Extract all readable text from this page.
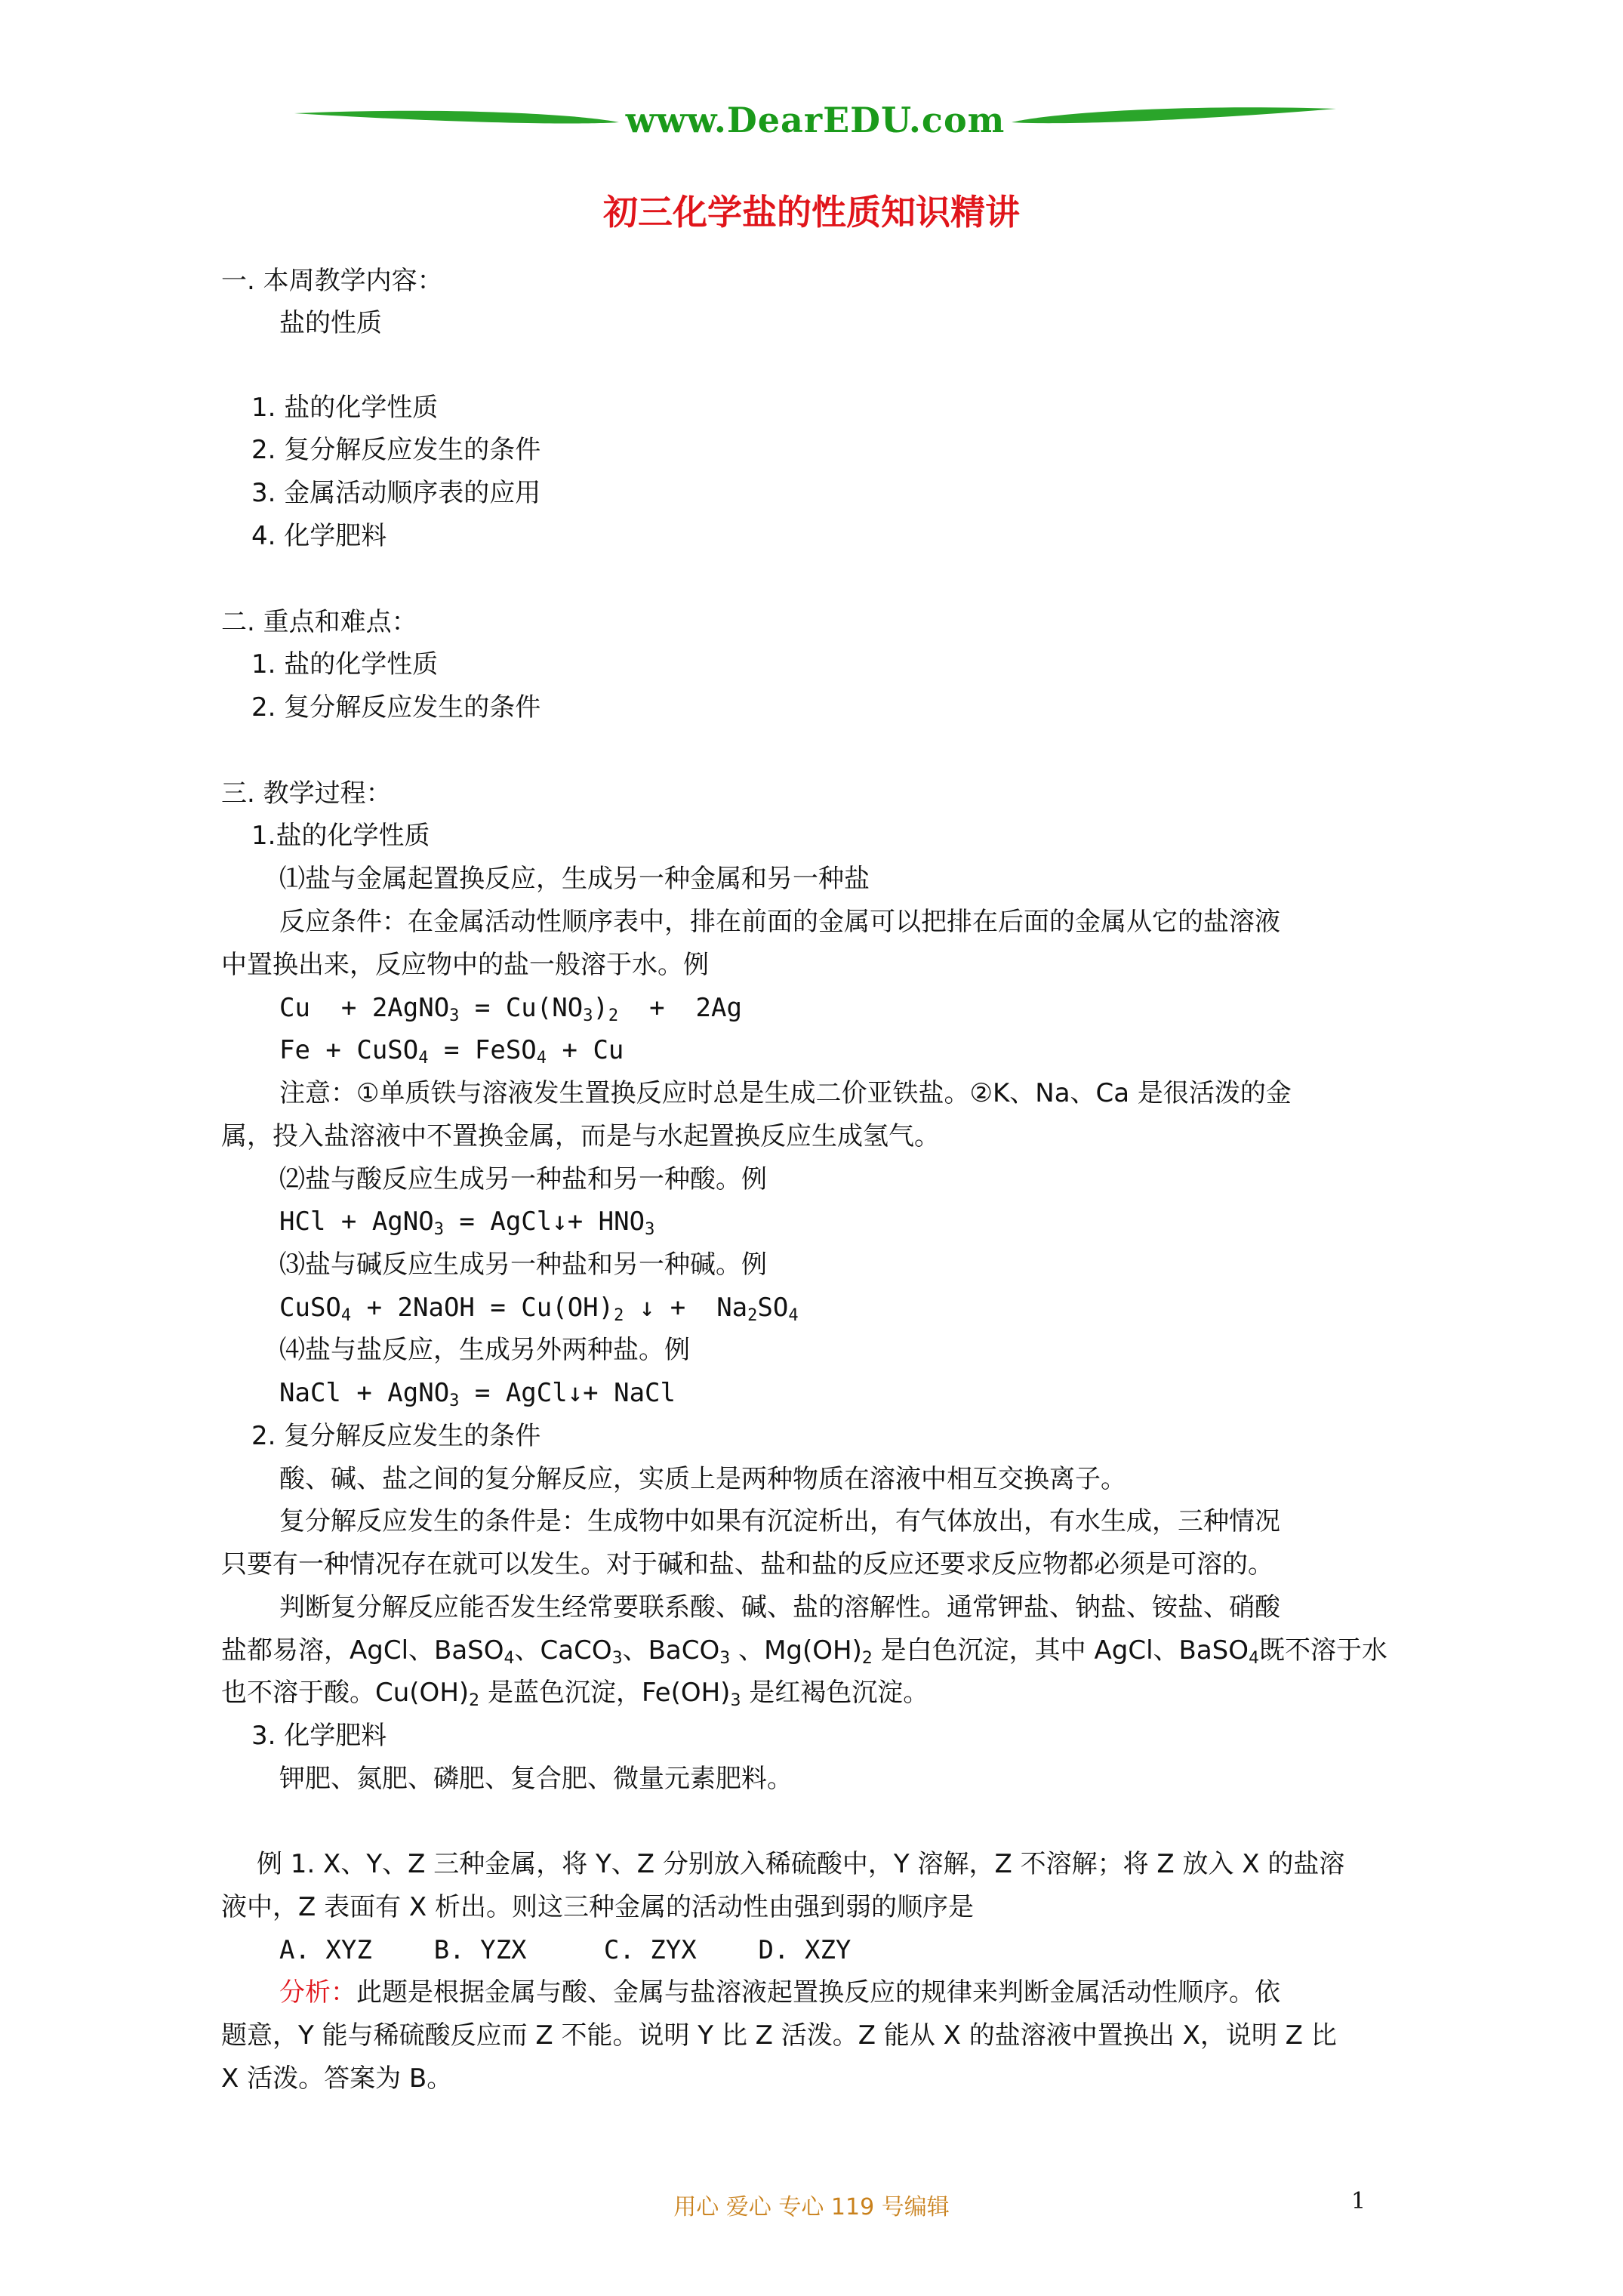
www.DearEDU.com
初三化学盐的性质知识精讲
一. 本周教学内容：
盐的性质
1. 盐的化学性质
2. 复分解反应发生的条件
3. 金属活动顺序表的应用
4. 化学肥料
二. 重点和难点：
1. 盐的化学性质
2. 复分解反应发生的条件
三. 教学过程：
1.盐的化学性质
⑴盐与金属起置换反应，生成另一种金属和另一种盐
反应条件：在金属活动性顺序表中，排在前面的金属可以把排在后面的金属从它的盐溶液
中置换出来，反应物中的盐一般溶于水。例
Cu  + 2AgNO$_3$ = $Cu(NO_3)_2 + 2Ag$
Fe + CuSO$_4$ = FeSO$_4$ + Cu
注意：①单质铁与溶液发生置换反应时总是生成二价亚铁盐。②K、Na、Ca 是很活泼的金
属，投入盐溶液中不置换金属，而是与水起置换反应生成氢气。
⑵盐与酸反应生成另一种盐和另一种酸。例
HCl + AgNO$_3$ = AgCl↓+ $HNO_3$
⑶盐与碱反应生成另一种盐和另一种碱。例
CuSO$_4$ + 2NaOH = $Cu(OH)_2$ ↓ +  $Na_2SO_4$
⑷盐与盐反应，生成另外两种盐。例
NaCl + AgNO$_3$ = AgCl↓+ NaCl
2. 复分解反应发生的条件
酸、碱、盐之间的复分解反应，实质上是两种物质在溶液中相互交换离子。
复分解反应发生的条件是：生成物中如果有沉淀析出，有气体放出，有水生成，三种情况
只要有一种情况存在就可以发生。对于碱和盐、盐和盐的反应还要求反应物都必须是可溶的。
判断复分解反应能否发生经常要联系酸、碱、盐的溶解性。通常钾盐、钠盐、铵盐、硝酸
盐都易溶，AgCl、BaSO$_4$、CaCO$_3$、BaCO$_3$ 、$Mg(OH)_2$ 是白色沉淀，其中 AgCl、BaSO$_4$既不溶于水
也不溶于酸。$Cu(OH)_2$ 是蓝色沉淀，$Fe(OH)_3$ 是红褐色沉淀。
3. 化学肥料
钾肥、氮肥、磷肥、复合肥、微量元素肥料。
例 1. X、Y、Z 三种金属，将 Y、Z 分别放入稀硫酸中，Y 溶解，Z 不溶解；将 Z 放入 X 的盐溶
液中，Z 表面有 X 析出。则这三种金属的活动性由强到弱的顺序是
A. XYZ    B. YZX     C. ZYX    D. XZY
分析：此题是根据金属与酸、金属与盐溶液起置换反应的规律来判断金属活动性顺序。依
题意，Y 能与稀硫酸反应而 Z 不能。说明 Y 比 Z 活泼。Z 能从 X 的盐溶液中置换出 X，说明 Z 比
X 活泼。答案为 B。
用心 爱心 专心 119 号编辑	1
